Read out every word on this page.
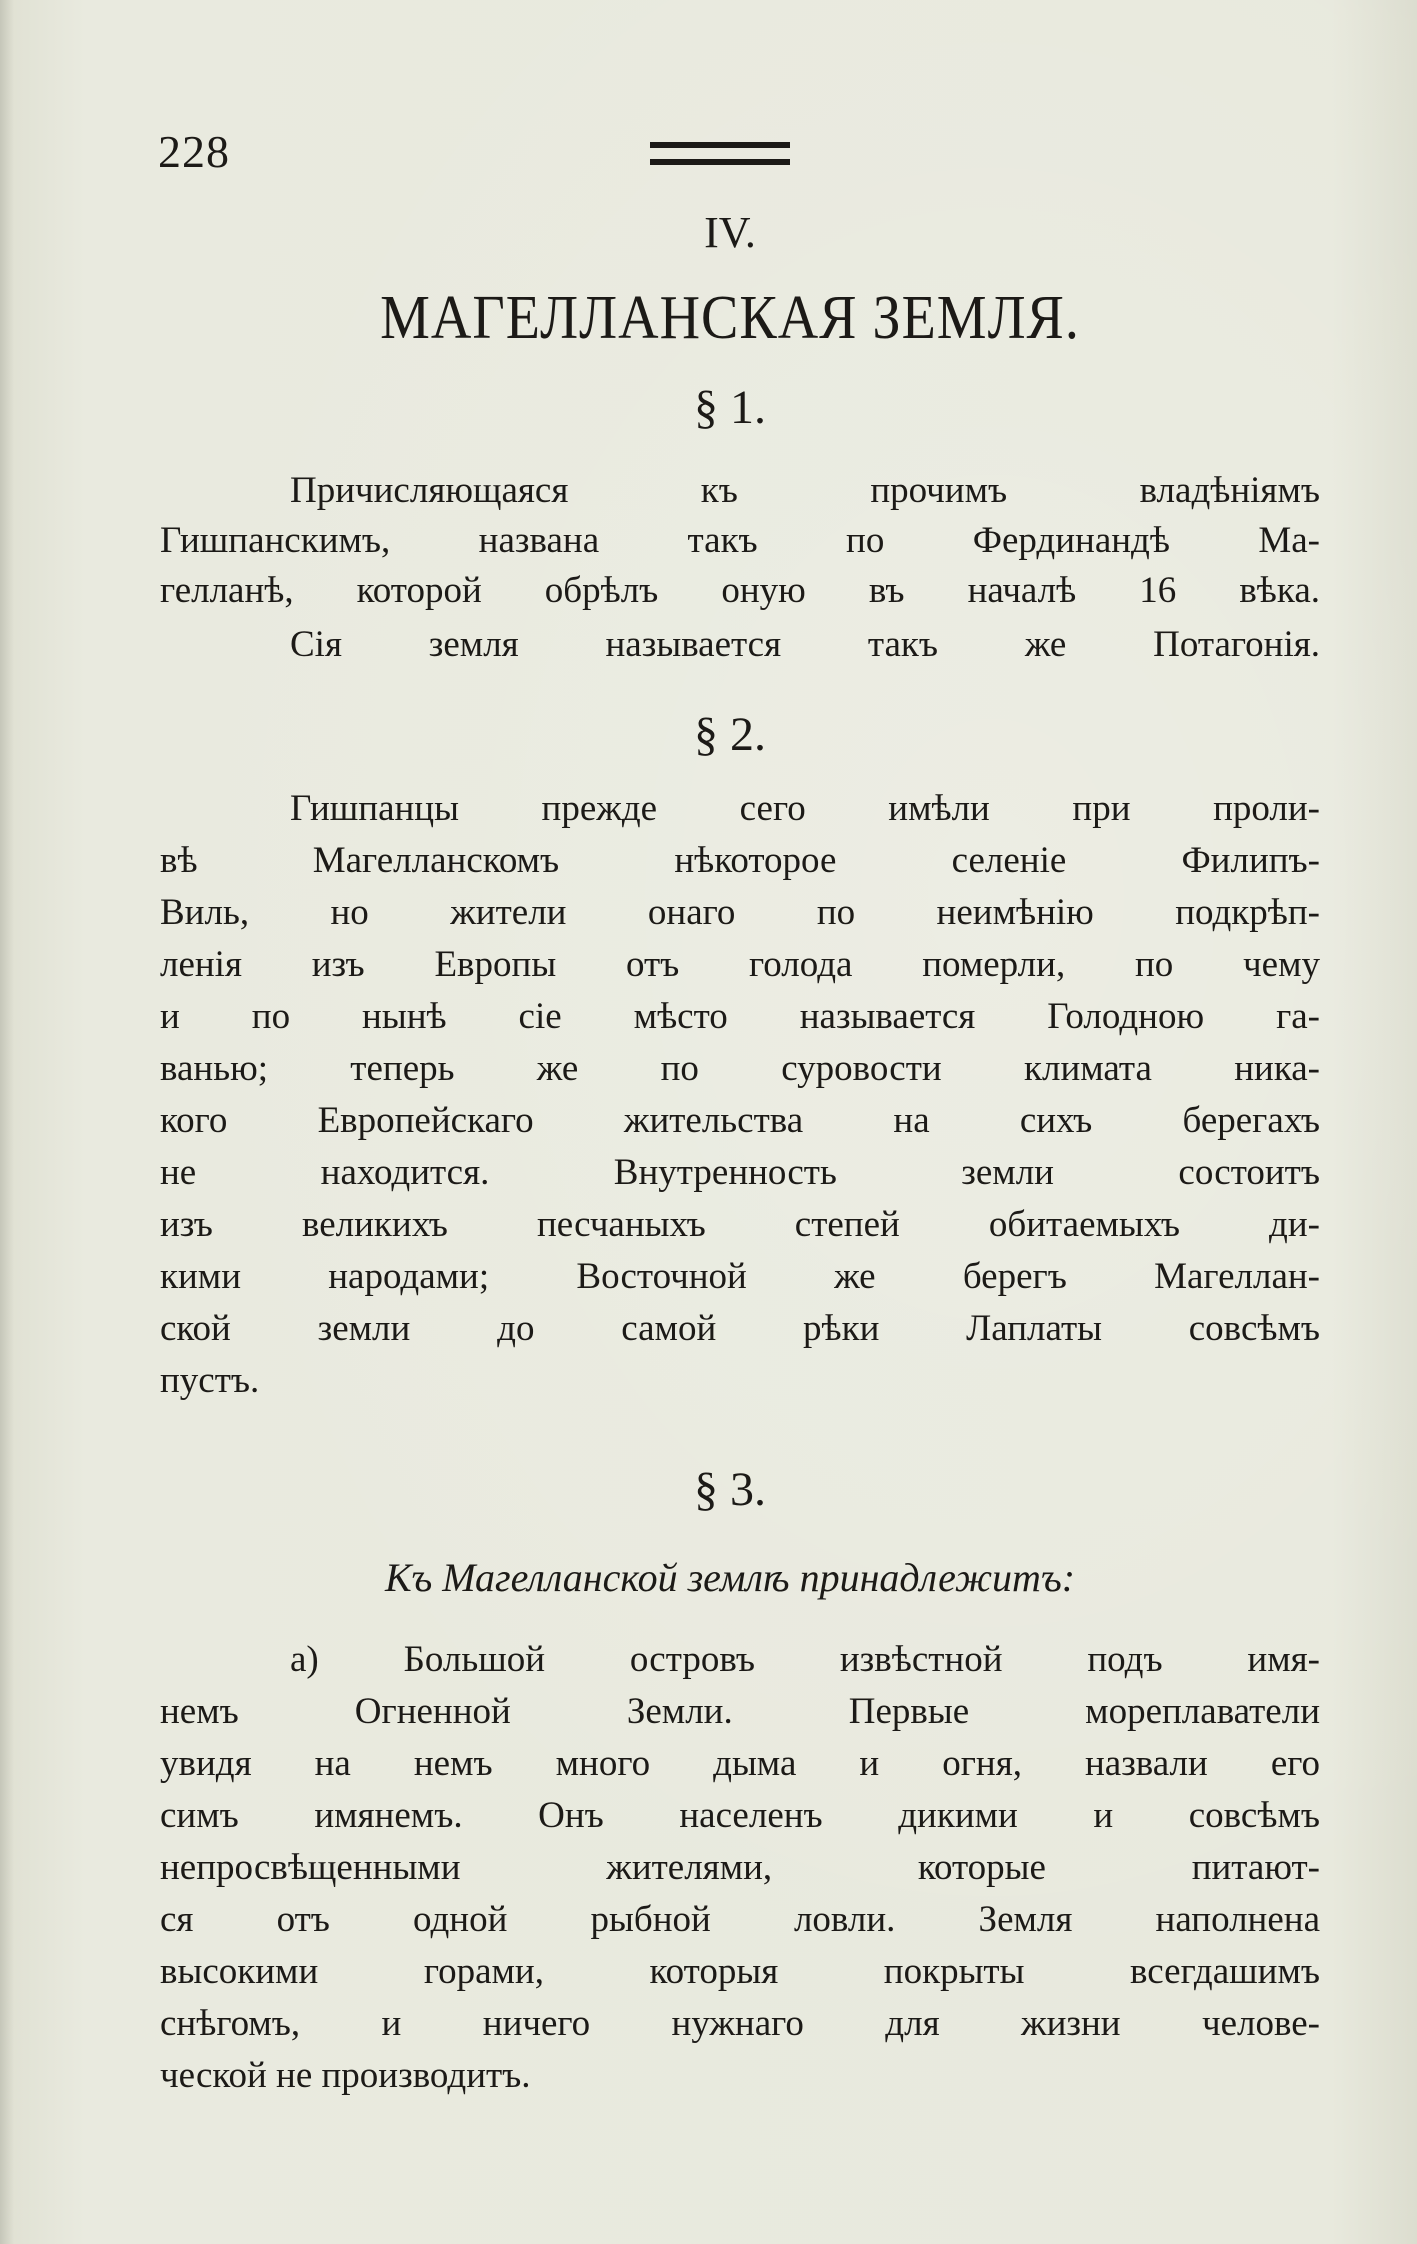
228
IV.
МАГЕЛЛАНСКАЯ ЗЕМЛЯ.
§ 1.
Причисляющаяся къ прочимъ владѣніямъ
Гишпанскимъ, названа такъ по Фердинандѣ Ма-
гелланѣ, которой обрѣлъ оную въ началѣ 16 вѣка.
Сія земля называется такъ же Потагонія.
§ 2.
Гишпанцы прежде сего имѣли при проли-
вѣ Магелланскомъ нѣкоторое селеніе Филипъ-
Виль, но жители онаго по неимѣнію подкрѣп-
ленія изъ Европы отъ голода померли, по чему
и по нынѣ сіе мѣсто называется Голодною га-
ванью; теперь же по суровости климата ника-
кого Европейскаго жительства на сихъ берегахъ
не находится. Внутренность земли состоитъ
изъ великихъ песчаныхъ степей обитаемыхъ ди-
кими народами; Восточной же берегъ Магеллан-
ской земли до самой рѣки Лаплаты совсѣмъ
пустъ.
§ 3.
Къ Магелланской землѣ принадлежитъ:
а) Большой островъ извѣстной подъ имя-
немъ Огненной Земли. Первые мореплаватели
увидя на немъ много дыма и огня, назвали его
симъ имянемъ. Онъ населенъ дикими и совсѣмъ
непросвѣщенными жителями, которые питают-
ся отъ одной рыбной ловли. Земля наполнена
высокими горами, которыя покрыты всегдашимъ
снѣгомъ, и ничего нужнаго для жизни челове-
ческой не производитъ.
